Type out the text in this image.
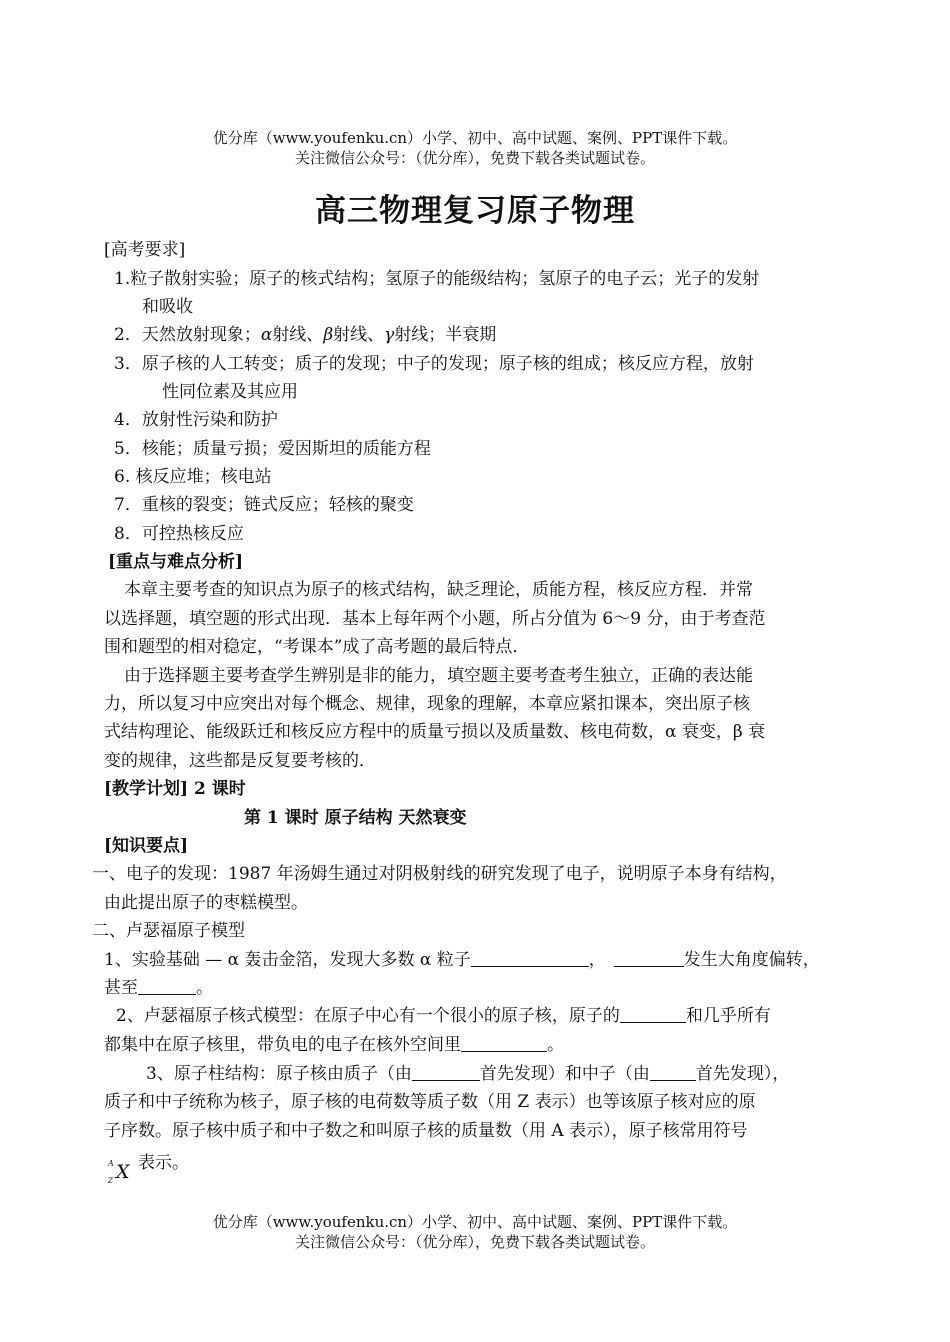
优分库（www.youfenku.cn）小学、初中、高中试题、案例、PPT课件下载。
关注微信公众号：（优分库），免费下载各类试题试卷。
高三物理复习原子物理
[高考要求]
1.粒子散射实验；原子的核式结构；氢原子的能级结构；氢原子的电子云；光子的发射
和吸收
2．天然放射现象；α射线、β射线、γ射线；半衰期
3．原子核的人工转变；质子的发现；中子的发现；原子核的组成；核反应方程，放射
性同位素及其应用
4．放射性污染和防护
5．核能；质量亏损；爱因斯坦的质能方程
6. 核反应堆；核电站
7．重核的裂变；链式反应；轻核的聚变
8．可控热核反应
[重点与难点分析]
本章主要考查的知识点为原子的核式结构，缺乏理论，质能方程，核反应方程．并常
以选择题，填空题的形式出现．基本上每年两个小题，所占分值为 6～9 分，由于考查范
围和题型的相对稳定，“考课本”成了高考题的最后特点．
由于选择题主要考查学生辨别是非的能力，填空题主要考查考生独立，正确的表达能
力，所以复习中应突出对每个概念、规律，现象的理解，本章应紧扣课本，突出原子核
式结构理论、能级跃迁和核反应方程中的质量亏损以及质量数、核电荷数，α 衰变，β 衰
变的规律，这些都是反复要考核的．
[教学计划] 2 课时
第 1 课时 原子结构 天然衰变
[知识要点]
一、电子的发现：1987 年汤姆生通过对阴极射线的研究发现了电子，说明原子本身有结构，
由此提出原子的枣糕模型。
二、卢瑟福原子模型
1、实验基础 — α 轰击金箔，发现大多数 α 粒子	，	发生大角度偏转，
甚至	。
2、卢瑟福原子核式模型：在原子中心有一个很小的原子核，原子的	和几乎所有
都集中在原子核里，带负电的电子在核外空间里	。
3、原子柱结构：原子核由质子（由	首先发现）和中子（由	首先发现），
质子和中子统称为核子，原子核的电荷数等质子数（用 Z 表示）也等该原子核对应的原
子序数。原子核中质子和中子数之和叫原子核的质量数（用 A 表示），原子核常用符号
A
Z X 表示。
优分库（www.youfenku.cn）小学、初中、高中试题、案例、PPT课件下载。
关注微信公众号：（优分库），免费下载各类试题试卷。
